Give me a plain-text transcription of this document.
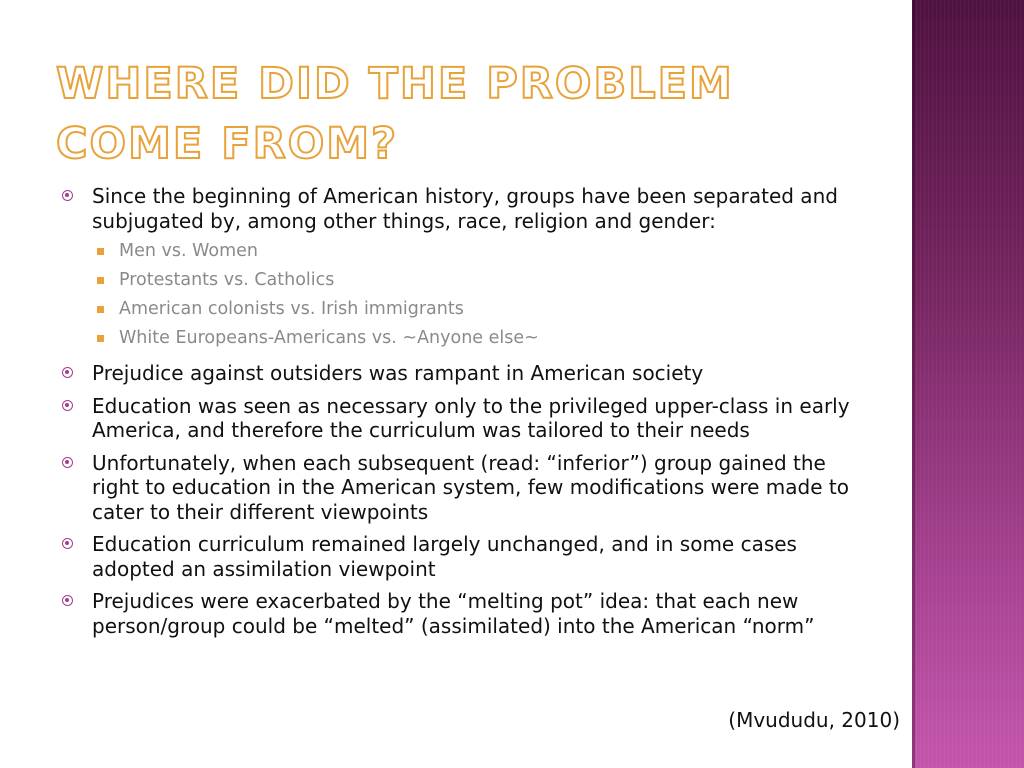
WHERE DID THE PROBLEM COME FROM?
Since the beginning of American history, groups have been separated and subjugated by, among other things, race, religion and gender:
Men vs. Women
Protestants vs. Catholics
American colonists vs. Irish immigrants
White Europeans-Americans vs. ~Anyone else~
Prejudice against outsiders was rampant in American society
Education was seen as necessary only to the privileged upper-class in early America, and therefore the curriculum was tailored to their needs
Unfortunately, when each subsequent (read: “inferior”) group gained the right to education in the American system, few modifications were made to cater to their different viewpoints
Education curriculum remained largely unchanged, and in some cases adopted an assimilation viewpoint
Prejudices were exacerbated by the “melting pot” idea: that each new person/group could be “melted” (assimilated) into the American “norm”

(Mvududu, 2010)
